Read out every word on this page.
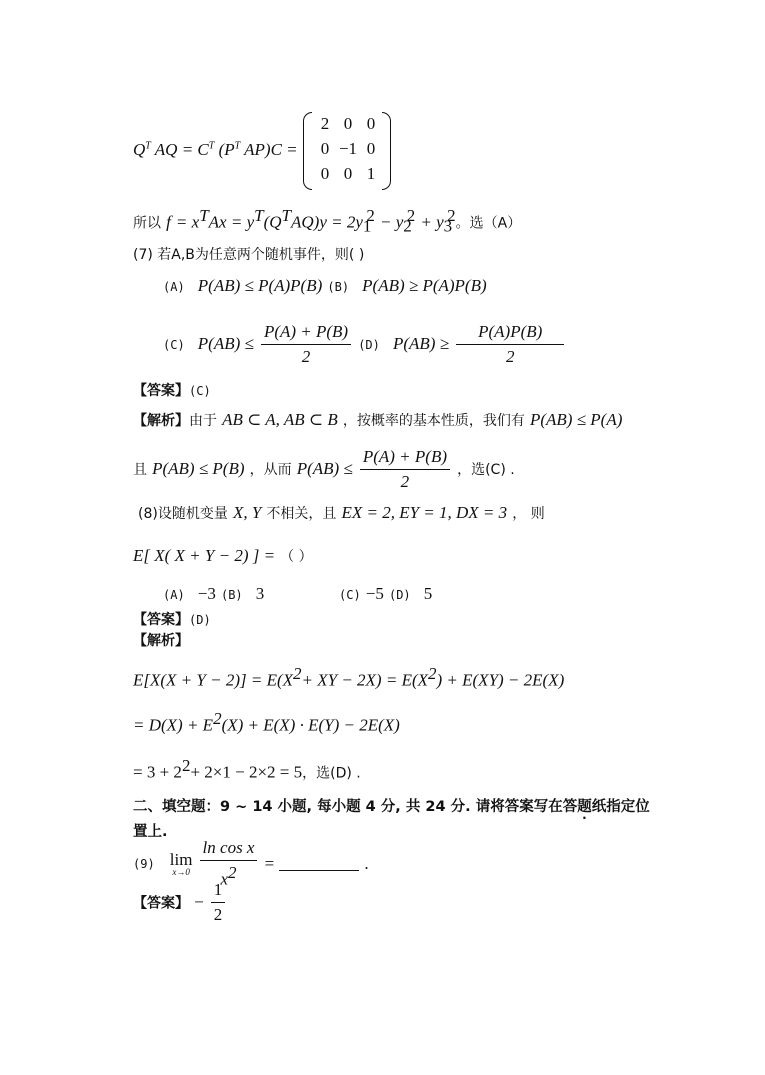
$Q^T$ AQ = $C^T$ ($P^T$ AP)C =
2 0 0
0 −1 0
0 0 1
所以 $f = x^TAx = y^T(Q^TAQ)y = 2y_1^2 - y_2^2 + y_3^2$。选（A）
(7) 若A,B为任意两个随机事件，则( )
(A) P(AB) ≤ P(A)P(B) (B) P(AB) ≥ P(A)P(B)
(C) $P(AB) \le \frac{P(A) + P(B)}{2} (D) P(AB) \ge \frac{P(A)P(B)}{2}$
【答案】(C)
【解析】由于 AB ⊂ A, AB ⊂ B ，按概率的基本性质，我们有 P(AB) ≤ P(A)
且 P(AB) ≤ P(B) ，从而 $P(AB) \le \frac{P(A) + P(B)}{2}$ ，选(C) .
(8)设随机变量 X, Y 不相关，且 EX = 2, EY = 1, DX = 3 ， 则
E[ X( X + Y − 2) ] = （ ）
(A) −3 (B) 3	(C) −5 (D) 5
【答案】(D)
【解析】
$E[X(X + Y - 2)] = E(X^2+$ XY − $2X) = E(X^2) + E(XY) - 2E(X)$
= $D(X) + E^2(X) + E(X) \cdot E(Y) - 2E(X)$
= $3 + 2^2+ 2\times 1 - 2\times 2 = 5$，选(D) .
二、填空题：9 ~ 14 小题, 每小题 4 分, 共 24 分. 请将答案写在答题纸指定位
置上.
(9) lim
x→0
$\frac{\text{ln cos x}}{x^2}$ =	.
【答案】 − $\frac{1}{2}$
